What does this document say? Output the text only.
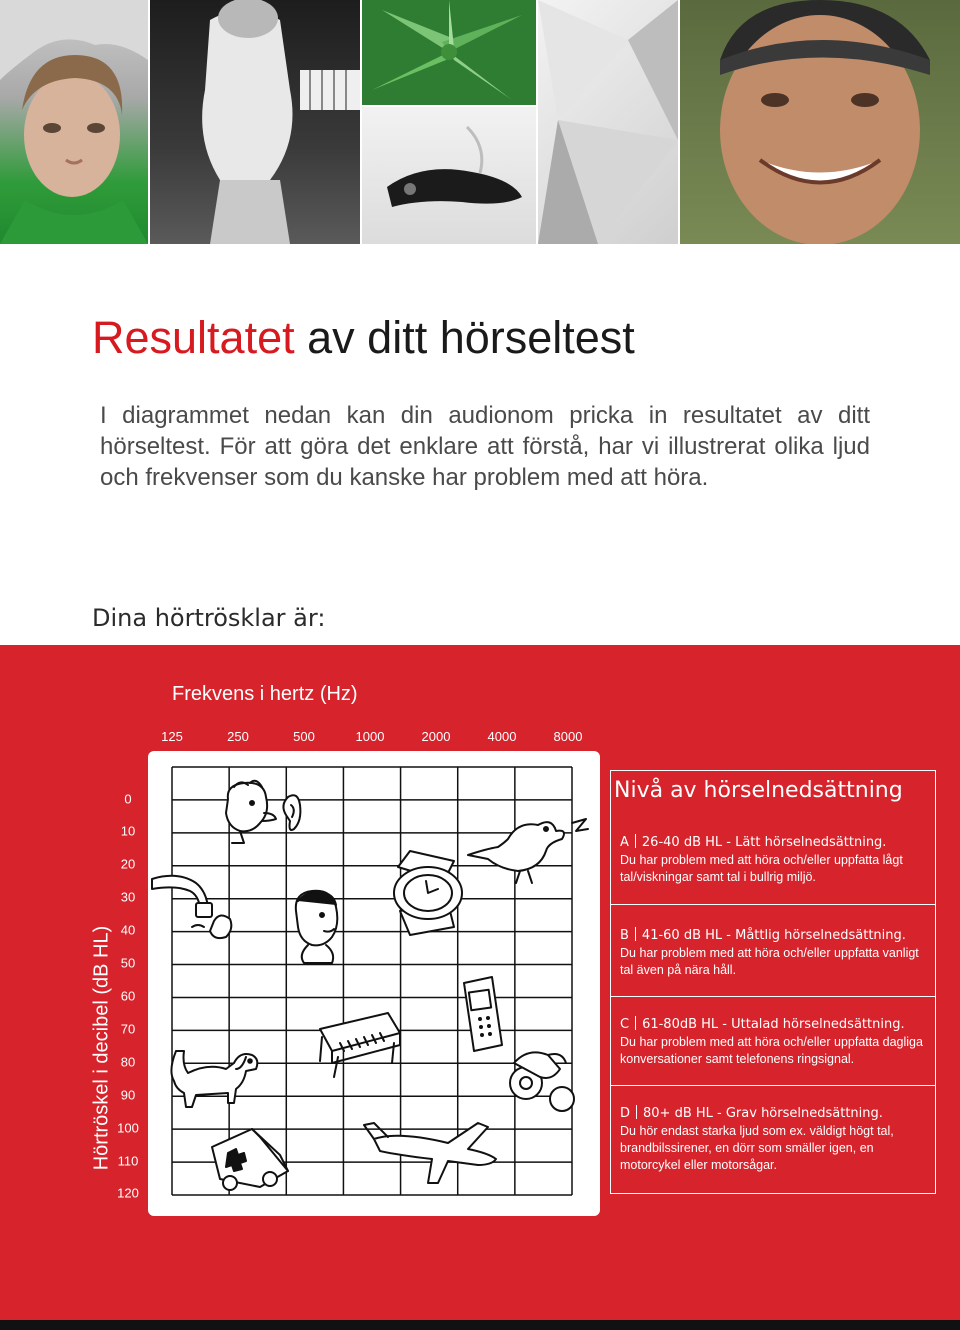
Resultatet av ditt hörseltest

I diagrammet nedan kan din audionom pricka in resultatet av ditt hörseltest. För att göra det enklare att förstå, har vi illustrerat olika ljud och frekvenser som du kanske har problem med att höra.

Dina hörtrösklar är:
Frekvens i hertz (Hz)
125	250	500	1000	2000	4000	8000
0
10
20
30
40
50
60
70
80
90
100
110
120
Hörtröskel i decibel (dB HL)
Nivå av hörselnedsättning
A 26-40 dB HL - Lätt hörselnedsättning.
Du har problem med att höra och/eller uppfatta lågt tal/viskningar samt tal i bullrig miljö.
B 41-60 dB HL - Måttlig hörselnedsättning.
Du har problem med att höra och/eller uppfatta vanligt tal även på nära håll.
C 61-80dB HL - Uttalad hörselnedsättning.
Du har problem med att höra och/eller uppfatta dagliga konversationer samt telefonens ringsignal.
D 80+ dB HL - Grav hörselnedsättning.
Du hör endast starka ljud som ex. väldigt högt tal, brandbilssirener, en dörr som smäller igen, en motorcykel eller motorsågar.
